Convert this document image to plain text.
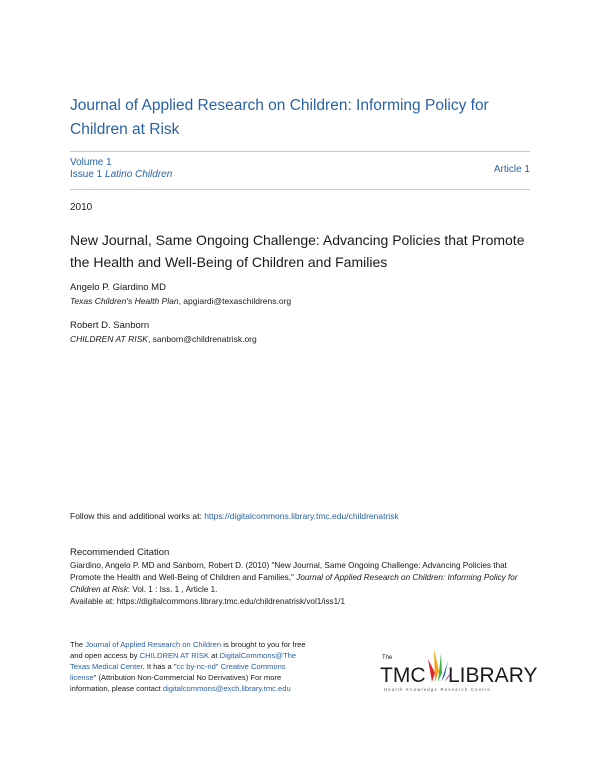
Journal of Applied Research on Children: Informing Policy for Children at Risk
Volume 1
Issue 1 Latino Children	Article 1
2010
New Journal, Same Ongoing Challenge: Advancing Policies that Promote the Health and Well-Being of Children and Families
Angelo P. Giardino MD
Texas Children's Health Plan, apgiardi@texaschildrens.org
Robert D. Sanborn
CHILDREN AT RISK, sanborn@childrenatrisk.org
Follow this and additional works at: https://digitalcommons.library.tmc.edu/childrenatrisk
Recommended Citation
Giardino, Angelo P. MD and Sanborn, Robert D. (2010) "New Journal, Same Ongoing Challenge: Advancing Policies that Promote the Health and Well-Being of Children and Families," Journal of Applied Research on Children: Informing Policy for Children at Risk: Vol. 1 : Iss. 1 , Article 1.
Available at: https://digitalcommons.library.tmc.edu/childrenatrisk/vol1/iss1/1
The Journal of Applied Research on Children is brought to you for free and open access by CHILDREN AT RISK at DigitalCommons@The Texas Medical Center. It has a "cc by-nc-nd" Creative Commons license" (Attribution Non-Commercial No Derivatives) For more information, please contact digitalcommons@exch.library.tmc.edu
The
TMC LIBRARY
Health Knowledge Research Centre
